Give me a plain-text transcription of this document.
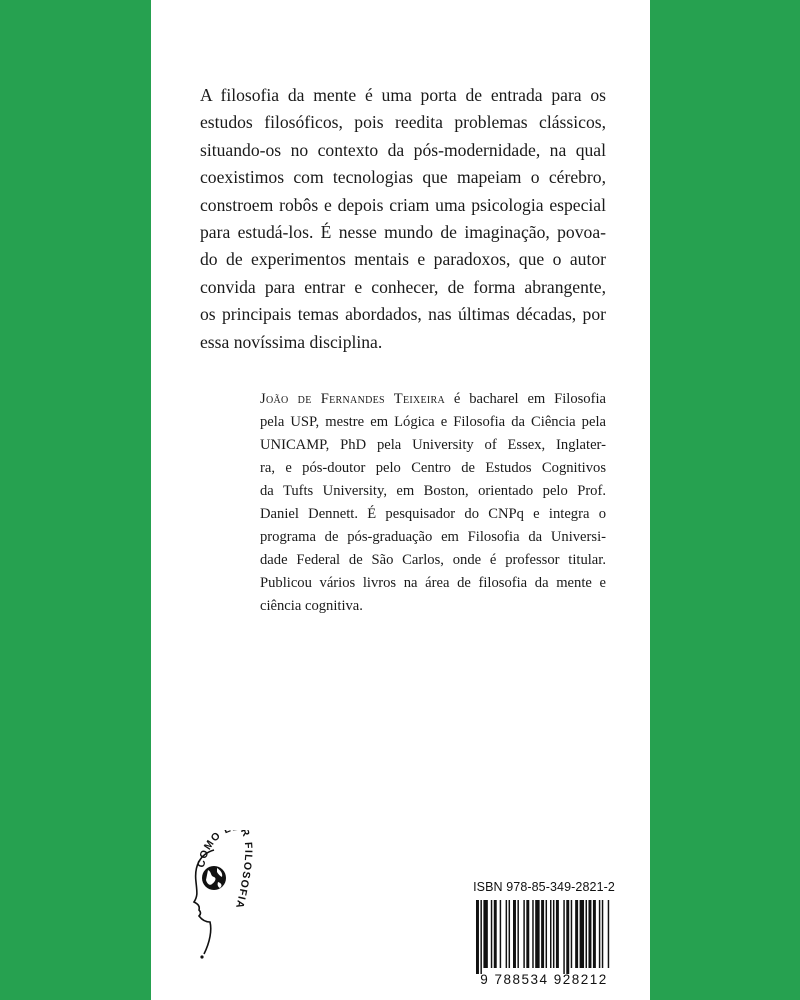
A filosofia da mente é uma porta de entrada para os
estudos filosóficos, pois reedita problemas clássicos,
situando-os no contexto da pós-modernidade, na qual
coexistimos com tecnologias que mapeiam o cérebro,
constroem robôs e depois criam uma psicologia especial
para estudá-los. É nesse mundo de imaginação, povoa-
do de experimentos mentais e paradoxos, que o autor
convida para entrar e conhecer, de forma abrangente,
os principais temas abordados, nas últimas décadas, por
essa novíssima disciplina.
João de Fernandes Teixeira é bacharel em Filosofia
pela USP, mestre em Lógica e Filosofia da Ciência pela
UNICAMP, PhD pela University of Essex, Inglater-
ra, e pós-doutor pelo Centro de Estudos Cognitivos
da Tufts University, em Boston, orientado pelo Prof.
Daniel Dennett. É pesquisador do CNPq e integra o
programa de pós-graduação em Filosofia da Universi-
dade Federal de São Carlos, onde é professor titular.
Publicou vários livros na área de filosofia da mente e
ciência cognitiva.
COMO R FILOSOFIA
ISBN 978-85-349-2821-2
9 788534 928212
